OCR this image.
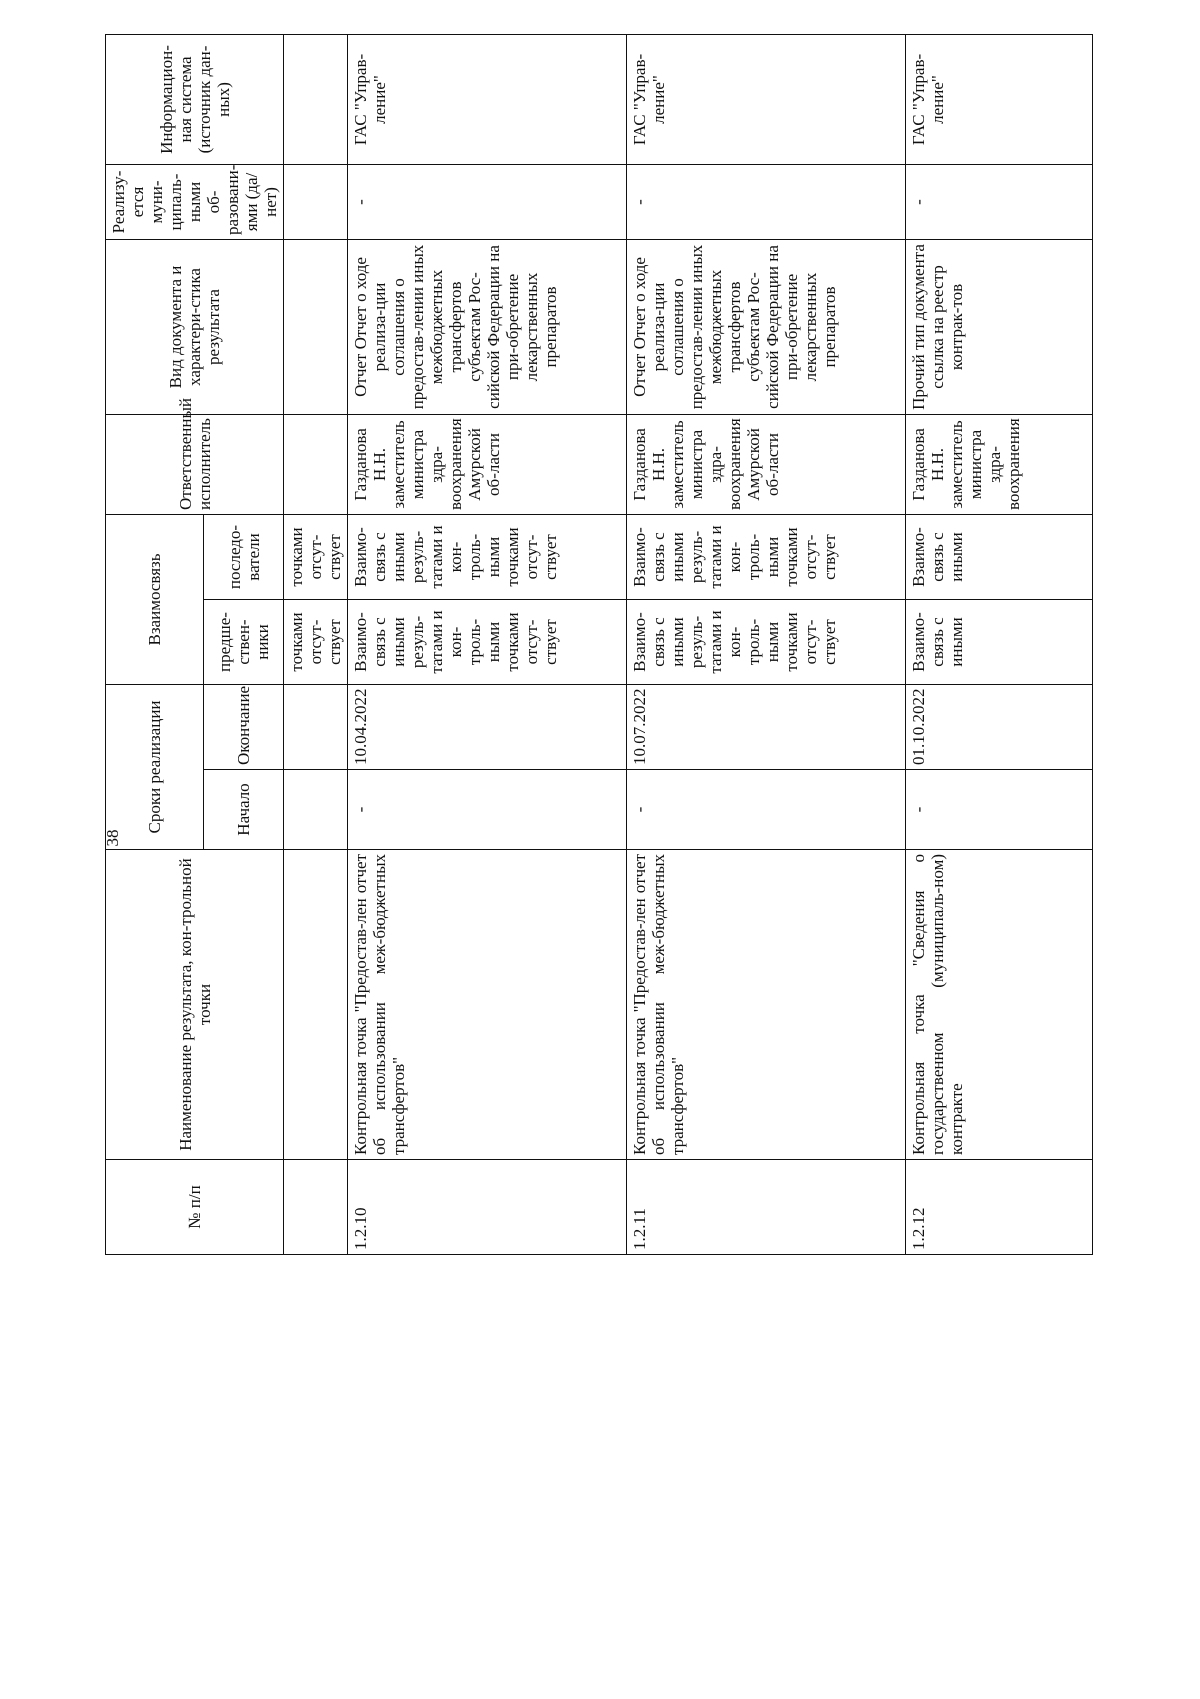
38
№ п/п	Наименование результата, кон-трольной точки	Сроки реализации		Взаимосвязь		Ответственный исполнитель	Вид документа и характери-стика результата	Реализу-ется муни-ципаль-ными об-разовани-ями (да/нет)	Информацион-ная система (источник дан-ных)
		Начало	Окончание	предше-ствен-ники	последо-ватели				
				точками отсут-ствует	точками отсут-ствует				
1.2.10	Контрольная точка "Предостав-лен отчет об использовании меж-бюджетных трансфертов"	-	10.04.2022	Взаимо-связь с иными резуль-татами и кон-троль-ными точками отсут-ствует	Взаимо-связь с иными резуль-татами и кон-троль-ными точками отсут-ствует	Газданова Н.Н. заместитель министра здра-воохранения Амурской об-ласти	Отчет Отчет о ходе реализа-ции соглашения о предостав-лении иных межбюджетных трансфертов субъектам Рос-сийской Федерации на при-обретение лекарственных препаратов	-	ГАС "Управ-ление"
1.2.11	Контрольная точка "Предостав-лен отчет об использовании меж-бюджетных трансфертов"	-	10.07.2022	Взаимо-связь с иными резуль-татами и кон-троль-ными точками отсут-ствует	Взаимо-связь с иными резуль-татами и кон-троль-ными точками отсут-ствует	Газданова Н.Н. заместитель министра здра-воохранения Амурской об-ласти	Отчет Отчет о ходе реализа-ции соглашения о предостав-лении иных межбюджетных трансфертов субъектам Рос-сийской Федерации на при-обретение лекарственных препаратов	-	ГАС "Управ-ление"

1.2.12	Контрольная точка "Сведения о государственном (муниципаль-ном) контракте	-	01.10.2022	Взаимо-связь с иными	Взаимо-связь с иными	Газданова Н.Н. заместитель министра здра-воохранения	Прочий тип документа ссылка на реестр контрак-тов	-	ГАС "Управ-ление"
